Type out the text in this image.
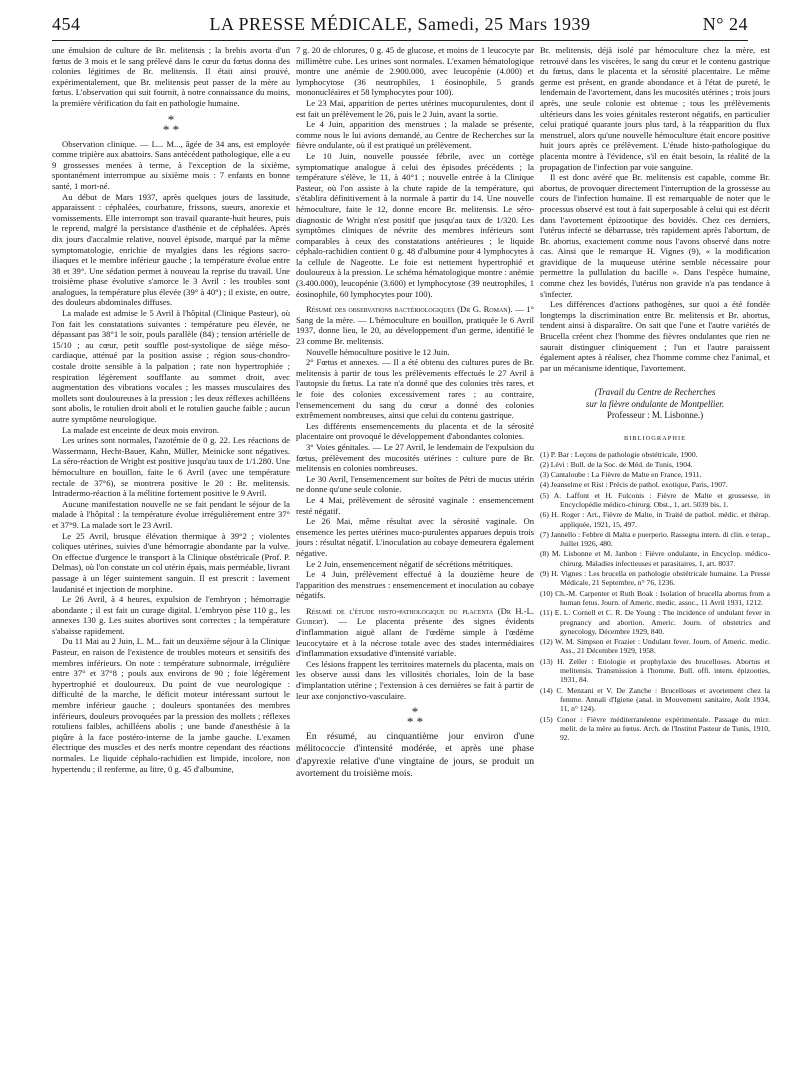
454	LA PRESSE MÉDICALE, Samedi, 25 Mars 1939	N° 24

une émulsion de culture de Br. melitensis ; la brebis avorta d'un fœtus de 3 mois et le sang prélevé dans le cœur du fœtus donna des colonies légitimes de Br. melitensis. Il était ainsi prouvé, expérimentalement, que Br. melitensis peut passer de la mère au fœtus. L'observation qui suit fournit, à notre connaissance du moins, la première vérification du fait en pathologie humaine.

*
* *

Observation clinique. — L... M..., âgée de 34 ans, est employée comme tripière aux abattoirs. Sans antécédent pathologique, elle a eu 9 grossesses menées à terme, à l'exception de la sixième, spontanément interrompue au sixième mois : 7 enfants en bonne santé, 1 mort-né.

Au début de Mars 1937, après quelques jours de lassitude, apparaissent : céphalées, courbature, frissons, sueurs, anorexie et vomissements. Elle interrompt son travail quarante-huit heures, puis le reprend, malgré la persistance d'asthénie et de céphalées. Après dix jours d'accalmie relative, nouvel épisode, marqué par la même symptomatologie, enrichie de myalgies dans les régions sacro-iliaques et le membre inférieur gauche ; la température évolue entre 38 et 39°. Une sédation permet à nouveau la reprise du travail. Une troisième phase évolutive s'amorce le 3 Avril : les troubles sont analogues, la température plus élevée (39° à 40°) ; il existe, en outre, des douleurs abdominales diffuses.

La malade est admise le 5 Avril à l'hôpital (Clinique Pasteur), où l'on fait les constatations suivantes : température peu élevée, ne dépassant pas 38°1 le soir, pouls parallèle (84) ; tension artérielle de 15/10 ; au cœur, petit souffle post-systolique de siège méso-cardiaque, atténué par la position assise ; région sous-chondro-costale droite sensible à la palpation ; rate non hypertrophiée ; respiration légèrement soufflante au sommet droit, avec augmentation des vibrations vocales ; les masses musculaires des mollets sont douloureuses à la pression ; les deux réflexes achilléens sont abolis, le rotulien droit aboli et le rotulien gauche faible ; aucun autre symptôme neurologique.

La malade est enceinte de deux mois environ.

Les urines sont normales, l'azotémie de 0 g. 22. Les réactions de Wassermann, Hecht-Bauer, Kahn, Müller, Meinicke sont négatives. La séro-réaction de Wright est positive jusqu'au taux de 1/1.280. Une hémoculture en bouillon, faite le 6 Avril (avec une température rectale de 37°6), se montrera positive le 20 : Br. melitensis. Intradermo-réaction à la mélitine fortement positive le 9 Avril.

Aucune manifestation nouvelle ne se fait pendant le séjour de la malade à l'hôpital : la température évolue irrégulièrement entre 37° et 37°9. La malade sort le 23 Avril.

Le 25 Avril, brusque élévation thermique à 39°2 ; violentes coliques utérines, suivies d'une hémorragie abondante par la vulve. On effectue d'urgence le transport à la Clinique obstétricale (Prof. P. Delmas), où l'on constate un col utérin épais, mais perméable, livrant passage à un léger suintement sanguin. Il est prescrit : lavement laudanisé et injection de morphine.

Le 26 Avril, à 4 heures, expulsion de l'embryon ; hémorragie abondante ; il est fait un curage digital. L'embryon pèse 110 g., les annexes 130 g. Les suites abortives sont correctes ; la température s'abaisse rapidement.

Du 11 Mai au 2 Juin, L. M... fait un deuxième séjour à la Clinique Pasteur, en raison de l'existence de troubles moteurs et sensitifs des membres inférieurs. On note : température subnormale, irrégulière entre 37° et 37°8 ; pouls aux environs de 90 ; foie légèrement hypertrophié et douloureux. Du point de vue neurologique : difficulté de la marche, le déficit moteur intéressant surtout le membre inférieur gauche ; douleurs spontanées des membres inférieurs, douleurs provoquées par la pression des mollets ; réflexes rotuliens faibles, achilléens abolis ; une bande d'anesthésie à la piqûre à la face postéro-interne de la jambe gauche. L'examen électrique des muscles et des nerfs montre cependant des réactions normales. Le liquide céphalo-rachidien est limpide, incolore, non hypertendu ; il renferme, au litre, 0 g. 45 d'albumine,

7 g. 20 de chlorures, 0 g. 45 de glucose, et moins de 1 leucocyte par millimètre cube. Les urines sont normales. L'examen hématologique montre une anémie de 2.900.000, avec leucopénie (4.000) et lymphocytose (36 neutrophiles, 1 éosinophile, 5 grands mononucléaires et 58 lymphocytes pour 100).

Le 23 Mai, apparition de pertes utérines mucopurulentes, dont il est fait un prélèvement le 26, puis le 2 Juin, avant la sortie.

Le 4 Juin, apparition des menstrues ; la malade se présente, comme nous le lui avions demandé, au Centre de Recherches sur la fièvre ondulante, où il est pratiqué un prélèvement.

Le 10 Juin, nouvelle poussée fébrile, avec un cortège symptomatique analogue à celui des épisodes précédents ; la température s'élève, le 11, à 40°1 ; nouvelle entrée à la Clinique Pasteur, où l'on assiste à la chute rapide de la température, qui s'établira définitivement à la normale à partir du 14. Une nouvelle hémoculture, faite le 12, donne encore Br. melitensis. Le séro-diagnostic de Wright n'est positif que jusqu'au taux de 1/320. Les symptômes cliniques de névrite des membres inférieurs sont comparables à ceux des constatations antérieures ; le liquide céphalo-rachidien contient 0 g. 48 d'albumine pour 4 lymphocytes à la cellule de Nageotte. Le foie est nettement hypertrophié et douloureux à la pression. Le schéma hématologique montre : anémie (3.400.000), leucopénie (3.600) et lymphocytose (39 neutrophiles, 1 éosinophile, 60 lymphocytes pour 100).

Résumé des observations bactériologiques (Dr G. Roman). — 1° Sang de la mère. — L'hémoculture en bouillon, pratiquée le 6 Avril 1937, donne lieu, le 20, au développement d'un germe, identifié le 23 comme Br. melitensis.

Nouvelle hémoculture positive le 12 Juin.

2° Fœtus et annexes. — Il a été obtenu des cultures pures de Br. melitensis à partir de tous les prélèvements effectués le 27 Avril à l'autopsie du fœtus. La rate n'a donné que des colonies très rares, et le foie des colonies excessivement rares ; au contraire, l'ensemencement du sang du cœur a donné des colonies extrêmement nombreuses, ainsi que celui du contenu gastrique.

Les différents ensemencements du placenta et de la sérosité placentaire ont provoqué le développement d'abondantes colonies.

3° Voies génitales. — Le 27 Avril, le lendemain de l'expulsion du fœtus, prélèvement des mucosités utérines : culture pure de Br. melitensis en colonies nombreuses.

Le 30 Avril, l'ensemencement sur boîtes de Pétri de mucus utérin ne donne qu'une seule colonie.

Le 4 Mai, prélèvement de sérosité vaginale : ensemencement resté négatif.

Le 26 Mai, même résultat avec la sérosité vaginale. On ensemence les pertes utérines muco-purulentes apparues depuis trois jours : résultat négatif. L'inoculation au cobaye demeurera également négative.

Le 2 Juin, ensemencement négatif de sécrétions métritiques.

Le 4 Juin, prélèvement effectué à la douzième heure de l'apparition des menstrues : ensemencement et inoculation au cobaye négatifs.

Résumé de l'étude histo-pathologique du placenta (Dr H.-L. Guibert). — Le placenta présente des signes évidents d'inflammation aiguë allant de l'œdème simple à l'œdème leucocytaire et à la nécrose totale avec des stades intermédiaires d'inflammation exsudative d'intensité variable.

Ces lésions frappent les territoires maternels du placenta, mais on les observe aussi dans les villosités choriales, loin de la base d'implantation utérine ; l'extension à ces dernières se fait à partir de leur axe conjonctivo-vasculaire.

*
* *

En résumé, au cinquantième jour environ d'une mélitococcie d'intensité modérée, et après une phase d'apyrexie relative d'une vingtaine de jours, se produit un avortement du troisième mois.

Br. melitensis, déjà isolé par hémoculture chez la mère, est retrouvé dans les viscères, le sang du cœur et le contenu gastrique du fœtus, dans le placenta et la sérosité placentaire. Le même germe est présent, en grande abondance et à l'état de pureté, le lendemain de l'avortement, dans les mucosités utérines ; trois jours après, une seule colonie est obtenue ; tous les prélèvements ultérieurs dans les voies génitales resteront négatifs, en particulier celui pratiqué quarante jours plus tard, à la réapparition du flux menstruel, alors qu'une nouvelle hémoculture était encore positive huit jours après ce prélèvement. L'étude histo-pathologique du placenta montre à l'évidence, s'il en était besoin, la réalité de la propagation de l'infection par voie sanguine.

Il est donc avéré que Br. melitensis est capable, comme Br. abortus, de provoquer directement l'interruption de la grossesse au cours de l'infection humaine. Il est remarquable de noter que le processus observé est tout à fait superposable à celui qui est décrit dans l'avortement épizootique des bovidés. Chez ces derniers, l'utérus infecté se débarrasse, très rapidement après l'abortum, de Br. abortus, exactement comme nous l'avons observé dans notre cas. Ainsi que le remarque H. Vignes (9), « la modification gravidique de la muqueuse utérine semble nécessaire pour permettre la pullulation du bacille ». Dans l'espèce humaine, comme chez les bovidés, l'utérus non gravide n'a pas tendance à s'infecter.

Les différences d'actions pathogènes, sur quoi a été fondée longtemps la discrimination entre Br. melitensis et Br. abortus, tendent ainsi à disparaître. On sait que l'une et l'autre variétés de Brucella créent chez l'homme des fièvres ondulantes que rien ne saurait distinguer cliniquement ; l'un et l'autre paraissent également aptes à réaliser, chez l'homme comme chez l'animal, et par un mécanisme identique, l'avortement.

(Travail du Centre de Recherches
sur la fièvre ondulante de Montpellier.
Professeur : M. Lisbonne.)
BIBLIOGRAPHIE
(1) P. Bar : Leçons de pathologie obstétricale, 1900.
(2) Lévi : Bull. de la Soc. de Méd. de Tunis, 1904.
(3) Cantaloube : La Fièvre de Malte en France, 1911.
(4) Jeanselme et Rist : Précis de pathol. exotique, Paris, 1907.
(5) A. Laffont et H. Fulconis : Fièvre de Malte et grossesse, in Encyclopédie médico-chirurg. Obst., 1, art. 5039 bis, 1.
(6) H. Roger : Art., Fièvre de Malte, in Traité de pathol. médic. et thérap. appliquée, 1921, 15, 497.
(7) Jannello : Febbre di Malta e puerperio. Rassegna intern. di clin. e terap., Juillet 1926, 480.
(8) M. Lisbonne et M. Janbon : Fièvre ondulante, in Encyclop. médico-chirurg. Maladies infectieuses et parasitaires, 1, art. 8037.
(9) H. Vignes : Les brucella en pathologie obstétricale humaine. La Presse Médicale, 21 Septembre, n° 76, 1236.
(10) Ch.-M. Carpenter et Ruth Boak : Isolation of brucella abortus from a human fetus. Journ. of Americ. medic. assoc., 11 Avril 1931, 1212.
(11) E. L. Cornell et C. R. De Young : The incidence of undulant fever in pregnancy and abortion. Americ. Journ. of obstetrics and gynecology, Décembre 1929, 840.
(12) W. M. Simpson et Frazier : Undulant fever. Journ. of Americ. medic. Ass., 21 Décembre 1929, 1958.
(13) H. Zeller : Etiologie et prophylaxie des brucelloses. Abortus et melitensis. Transmission à l'homme. Bull. offi. intern. épizooties, 1931, 84.
(14) C. Menzani et V. De Zanche : Brucelloses et avortement chez la femme. Annali d'Igiene (anal. in Mouvement sanitaire, Août 1934, 11, n° 124).
(15) Conor : Fièvre méditerranéenne expérimentale. Passage du micr. melit. de la mère au fœtus. Arch. de l'Institut Pasteur de Tunis, 1910, 92.
